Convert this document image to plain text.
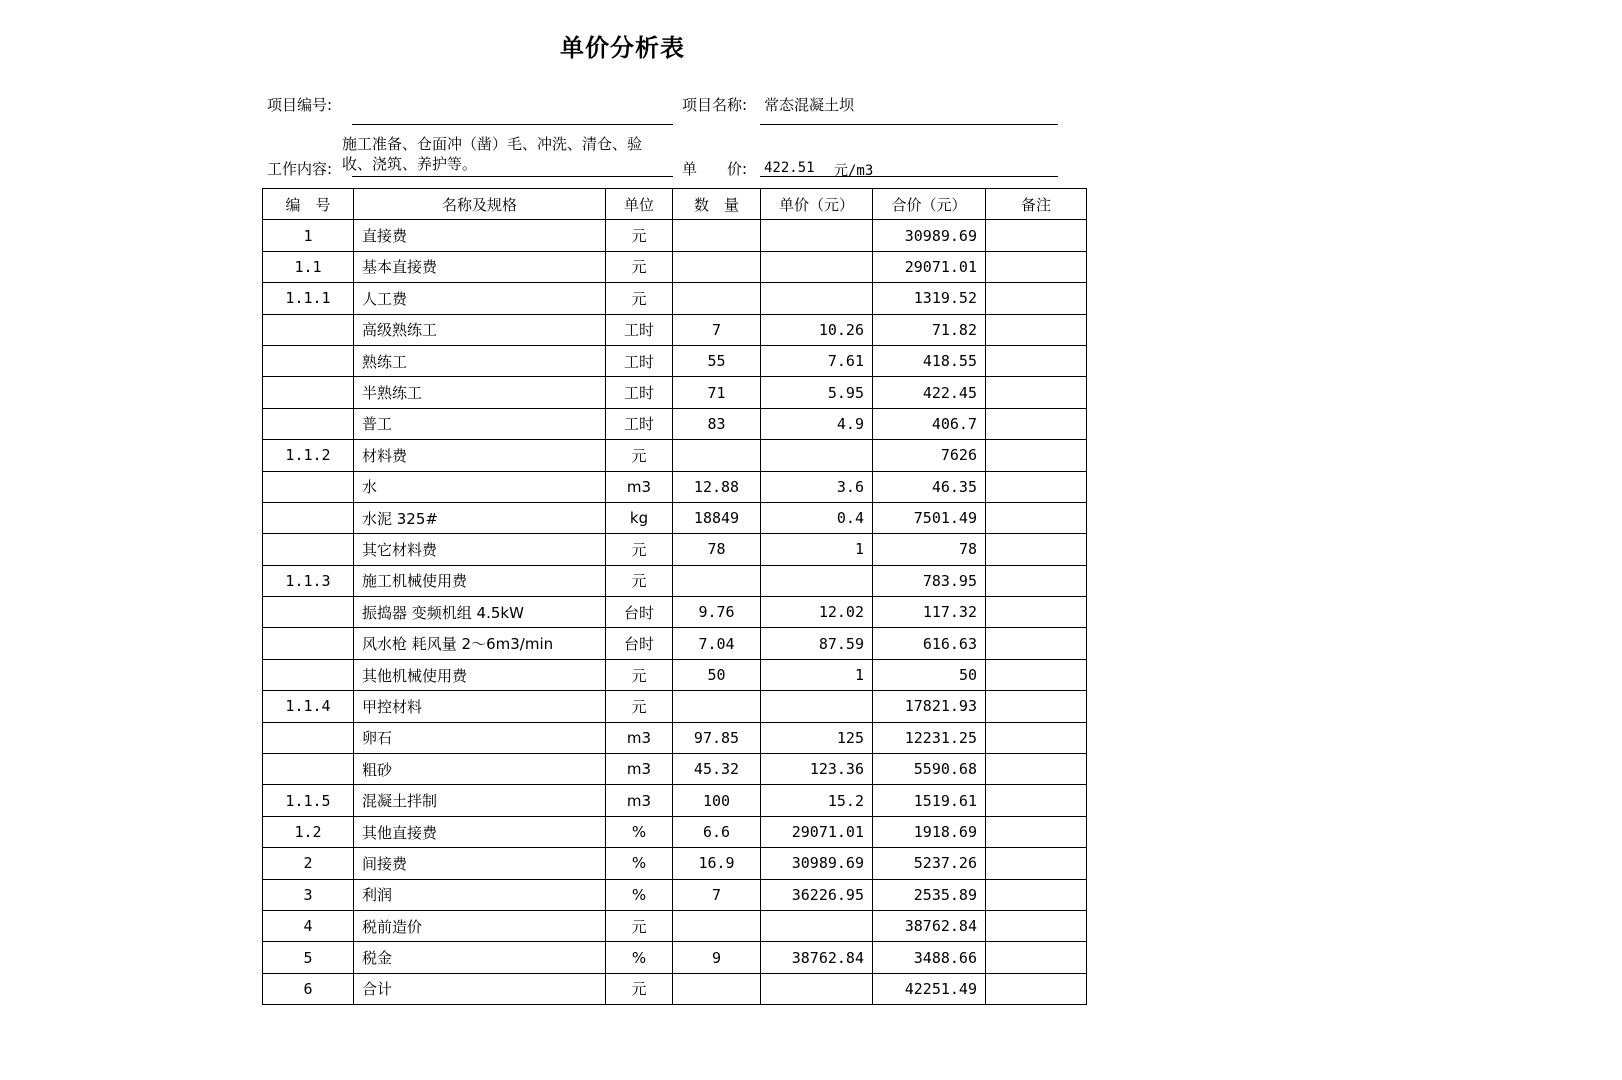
单价分析表
项目编号:	项目名称: 常态混凝土坝
工作内容:
施工准备、仓面冲（凿）毛、冲洗、清仓、验收、浇筑、养护等。	单　　价: 422.51 元/m3
编　号	名称及规格	单位	数　量	单价（元）	合价（元）	备注
1	直接费	元			30989.69	
1.1	基本直接费	元			29071.01	
1.1.1	人工费	元			1319.52	
	高级熟练工	工时	7	10.26	71.82	
	熟练工	工时	55	7.61	418.55	
	半熟练工	工时	71	5.95	422.45	
	普工	工时	83	4.9	406.7	
1.1.2	材料费	元			7626	
	水	m3	12.88	3.6	46.35	
	水泥 325#	kg	18849	0.4	7501.49	
	其它材料费	元	78	1	78	
1.1.3	施工机械使用费	元			783.95	
	振捣器 变频机组 4.5kW	台时	9.76	12.02	117.32	
	风水枪 耗风量 2～6m3/min	台时	7.04	87.59	616.63	
	其他机械使用费	元	50	1	50	
1.1.4	甲控材料	元			17821.93	
	卵石	m3	97.85	125	12231.25	
	粗砂	m3	45.32	123.36	5590.68	
1.1.5	混凝土拌制	m3	100	15.2	1519.61	
1.2	其他直接费	%	6.6	29071.01	1918.69	
2	间接费	%	16.9	30989.69	5237.26	
3	利润	%	7	36226.95	2535.89	
4	税前造价	元			38762.84	
5	税金	%	9	38762.84	3488.66	
6	合计	元			42251.49	
